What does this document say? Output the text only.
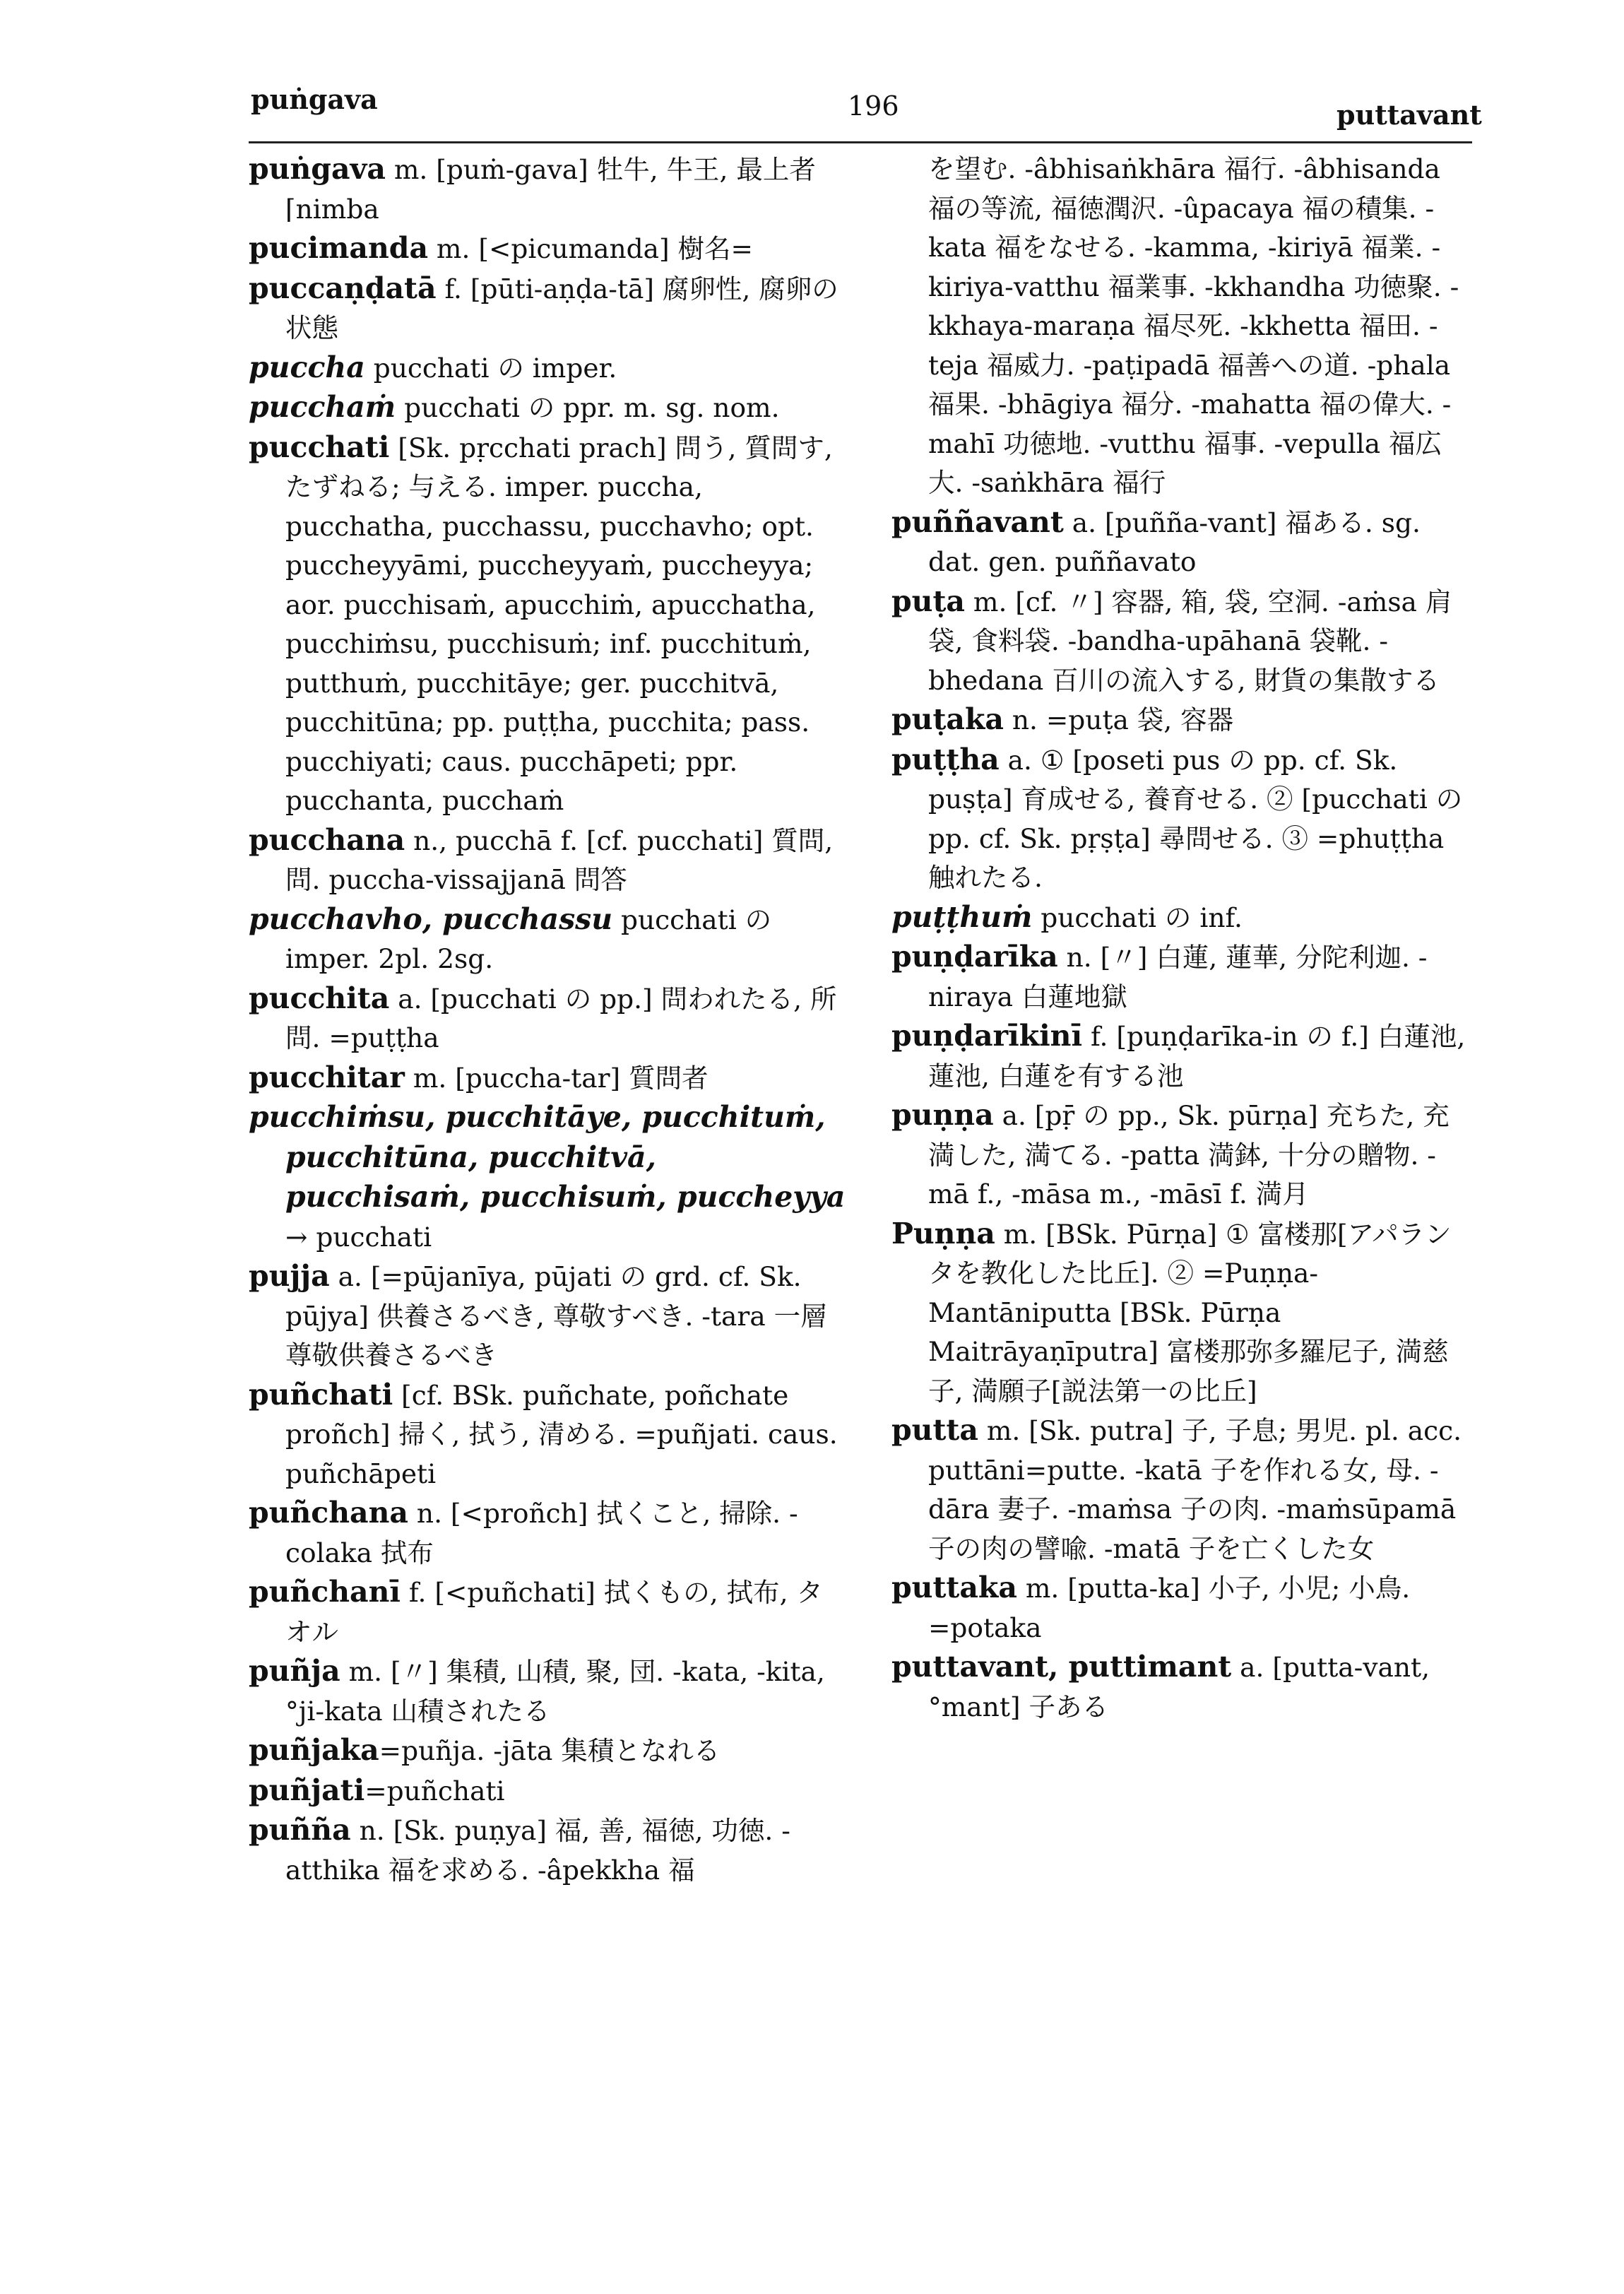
puṅgava	196	puttavant

puṅgava m. [puṁ-gava] 牡牛, 牛王, 最上者 ⌈nimba

pucimanda m. [<picumanda] 樹名=

puccaṇḍatā f. [pūti-aṇḍa-tā] 腐卵性, 腐卵の状態

puccha pucchati の imper.

pucchaṁ pucchati の ppr. m. sg. nom.

pucchati [Sk. pṛcchati prach] 問う, 質問す, たずねる; 与える. imper. puccha, pucchatha, pucchassu, pucchavho; opt. puccheyyāmi, puccheyyaṁ, puccheyya; aor. pucchisaṁ, apucchiṁ, apucchatha, pucchiṁsu, pucchisuṁ; inf. pucchituṁ, putthuṁ, pucchitāye; ger. pucchitvā, pucchitūna; pp. puṭṭha, pucchita; pass. pucchiyati; caus. pucchāpeti; ppr. pucchanta, pucchaṁ

pucchana n., pucchā f. [cf. pucchati] 質問, 問. puccha-vissajjanā 問答

pucchavho, pucchassu pucchati の imper. 2pl. 2sg.

pucchita a. [pucchati の pp.] 問われたる, 所問. =puṭṭha

pucchitar m. [puccha-tar] 質問者

pucchiṁsu, pucchitāye, pucchituṁ, pucchitūna, pucchitvā, pucchisaṁ, pucchisuṁ, puccheyya → pucchati

pujja a. [=pūjanīya, pūjati の grd. cf. Sk. pūjya] 供養さるべき, 尊敬すべき. -tara 一層尊敬供養さるべき

puñchati [cf. BSk. puñchate, poñchate proñch] 掃く, 拭う, 清める. =puñjati. caus. puñchāpeti

puñchana n. [<proñch] 拭くこと, 掃除. -colaka 拭布

puñchanī f. [<puñchati] 拭くもの, 拭布, タオル

puñja m. [〃] 集積, 山積, 聚, 団. -kata, -kita, °ji-kata 山積されたる

puñjaka=puñja. -jāta 集積となれる

puñjati=puñchati

puñña n. [Sk. puṇya] 福, 善, 福徳, 功徳. -atthika 福を求める. -âpekkha 福

を望む. -âbhisaṅkhāra 福行. -âbhisanda 福の等流, 福徳潤沢. -ûpacaya 福の積集. -kata 福をなせる. -kamma, -kiriyā 福業. -kiriya-vatthu 福業事. -kkhandha 功徳聚. -kkhaya-maraṇa 福尽死. -kkhetta 福田. -teja 福威力. -paṭipadā 福善への道. -phala 福果. -bhāgiya 福分. -mahatta 福の偉大. -mahī 功徳地. -vutthu 福事. -vepulla 福広大. -saṅkhāra 福行

puññavant a. [puñña-vant] 福ある. sg. dat. gen. puññavato

puṭa m. [cf. 〃] 容器, 箱, 袋, 空洞. -aṁsa 肩袋, 食料袋. -bandha-upāhanā 袋靴. -bhedana 百川の流入する, 財貨の集散する

puṭaka n. =puṭa 袋, 容器

puṭṭha a. ① [poseti pus の pp. cf. Sk. puṣṭa] 育成せる, 養育せる. ② [pucchati の pp. cf. Sk. pṛṣṭa] 尋問せる. ③ =phuṭṭha 触れたる.

puṭṭhuṁ pucchati の inf.

puṇḍarīka n. [〃] 白蓮, 蓮華, 分陀利迦. -niraya 白蓮地獄

puṇḍarīkinī f. [puṇḍarīka-in の f.] 白蓮池, 蓮池, 白蓮を有する池

puṇṇa a. [pṝ の pp., Sk. pūrṇa] 充ちた, 充満した, 満てる. -patta 満鉢, 十分の贈物. -mā f., -māsa m., -māsī f. 満月

Puṇṇa m. [BSk. Pūrṇa] ① 富楼那[アパランタを教化した比丘]. ② =Puṇṇa-Mantāniputta [BSk. Pūrṇa Maitrāyaṇīputra] 富楼那弥多羅尼子, 満慈子, 満願子[説法第一の比丘]

putta m. [Sk. putra] 子, 子息; 男児. pl. acc. puttāni=putte. -katā 子を作れる女, 母. -dāra 妻子. -maṁsa 子の肉. -maṁsūpamā 子の肉の譬喩. -matā 子を亡くした女

puttaka m. [putta-ka] 小子, 小児; 小鳥. =potaka

puttavant, puttimant a. [putta-vant, °mant] 子ある
